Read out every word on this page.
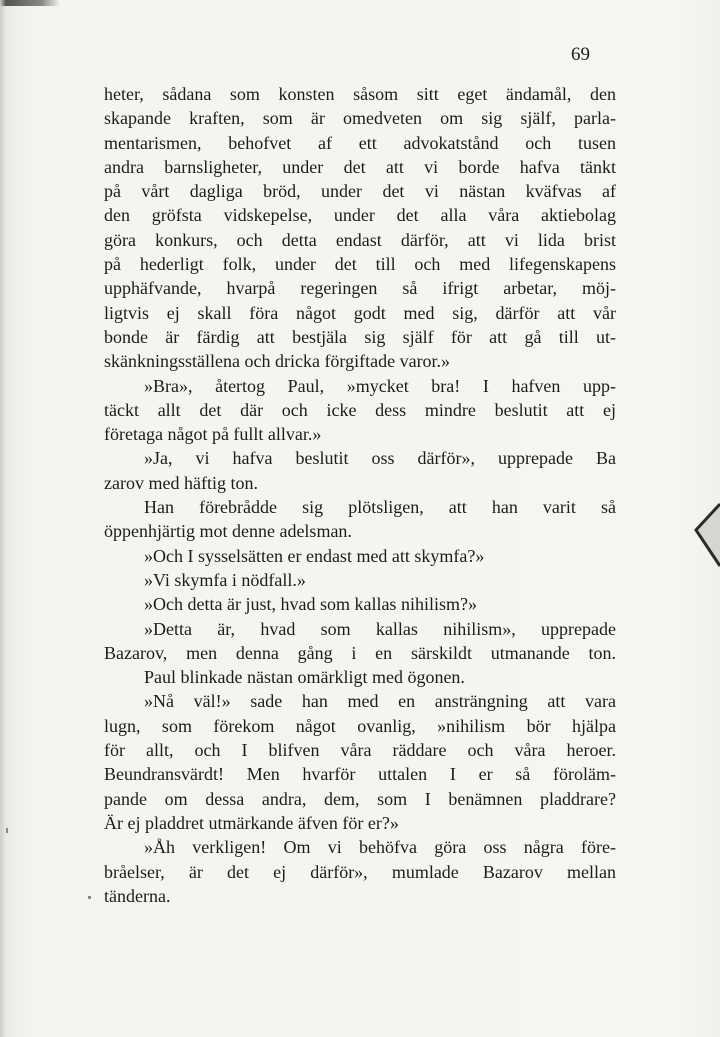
69
heter, sådana som konsten såsom sitt eget ändamål, den
skapande kraften, som är omedveten om sig själf, parla-
mentarismen, behofvet af ett advokatstånd och tusen
andra barnsligheter, under det att vi borde hafva tänkt
på vårt dagliga bröd, under det vi nästan kväfvas af
den gröfsta vidskepelse, under det alla våra aktiebolag
göra konkurs, och detta endast därför, att vi lida brist
på hederligt folk, under det till och med lifegenskapens
upphäfvande, hvarpå regeringen så ifrigt arbetar, möj-
ligtvis ej skall föra något godt med sig, därför att vår
bonde är färdig att bestjäla sig själf för att gå till ut-
skänkningsställena och dricka förgiftade varor.»
»Bra», återtog Paul, »mycket bra! I hafven upp-
täckt allt det där och icke dess mindre beslutit att ej
företaga något på fullt allvar.»
»Ja, vi hafva beslutit oss därför», upprepade Ba
zarov med häftig ton.
Han förebrådde sig plötsligen, att han varit så
öppenhjärtig mot denne adelsman.
»Och I sysselsätten er endast med att skymfa?»
»Vi skymfa i nödfall.»
»Och detta är just, hvad som kallas nihilism?»
»Detta är, hvad som kallas nihilism», upprepade
Bazarov, men denna gång i en särskildt utmanande ton.
Paul blinkade nästan omärkligt med ögonen.
»Nå väl!» sade han med en ansträngning att vara
lugn, som förekom något ovanlig, »nihilism bör hjälpa
för allt, och I blifven våra räddare och våra heroer.
Beundransvärdt! Men hvarför uttalen I er så föroläm-
pande om dessa andra, dem, som I benämnen pladdrare?
Är ej pladdret utmärkande äfven för er?»
»Åh verkligen! Om vi behöfva göra oss några före-
bråelser, är det ej därför», mumlade Bazarov mellan
tänderna.
